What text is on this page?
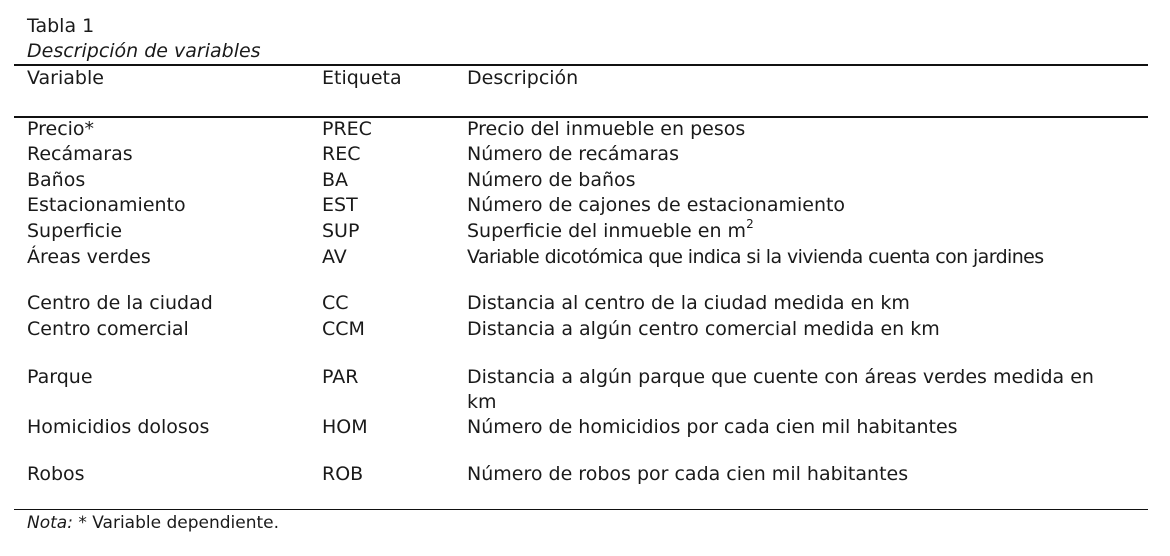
Tabla 1
Descripción de variables
Variable	Etiqueta	Descripción
Precio*	PREC	Precio del inmueble en pesos
Recámaras	REC	Número de recámaras
Baños	BA	Número de baños
Estacionamiento	EST	Número de cajones de estacionamiento
Superficie	SUP	Superficie del inmueble en $m^2$
Áreas verdes	AV	Variable dicotómica que indica si la vivienda cuenta con jardines
Centro de la ciudad	CC	Distancia al centro de la ciudad medida en km
Centro comercial	CCM	Distancia a algún centro comercial medida en km
Parque	PAR	Distancia a algún parque que cuente con áreas verdes medida en km
Homicidios dolosos	HOM	Número de homicidios por cada cien mil habitantes
Robos	ROB	Número de robos por cada cien mil habitantes
Nota: * Variable dependiente.
